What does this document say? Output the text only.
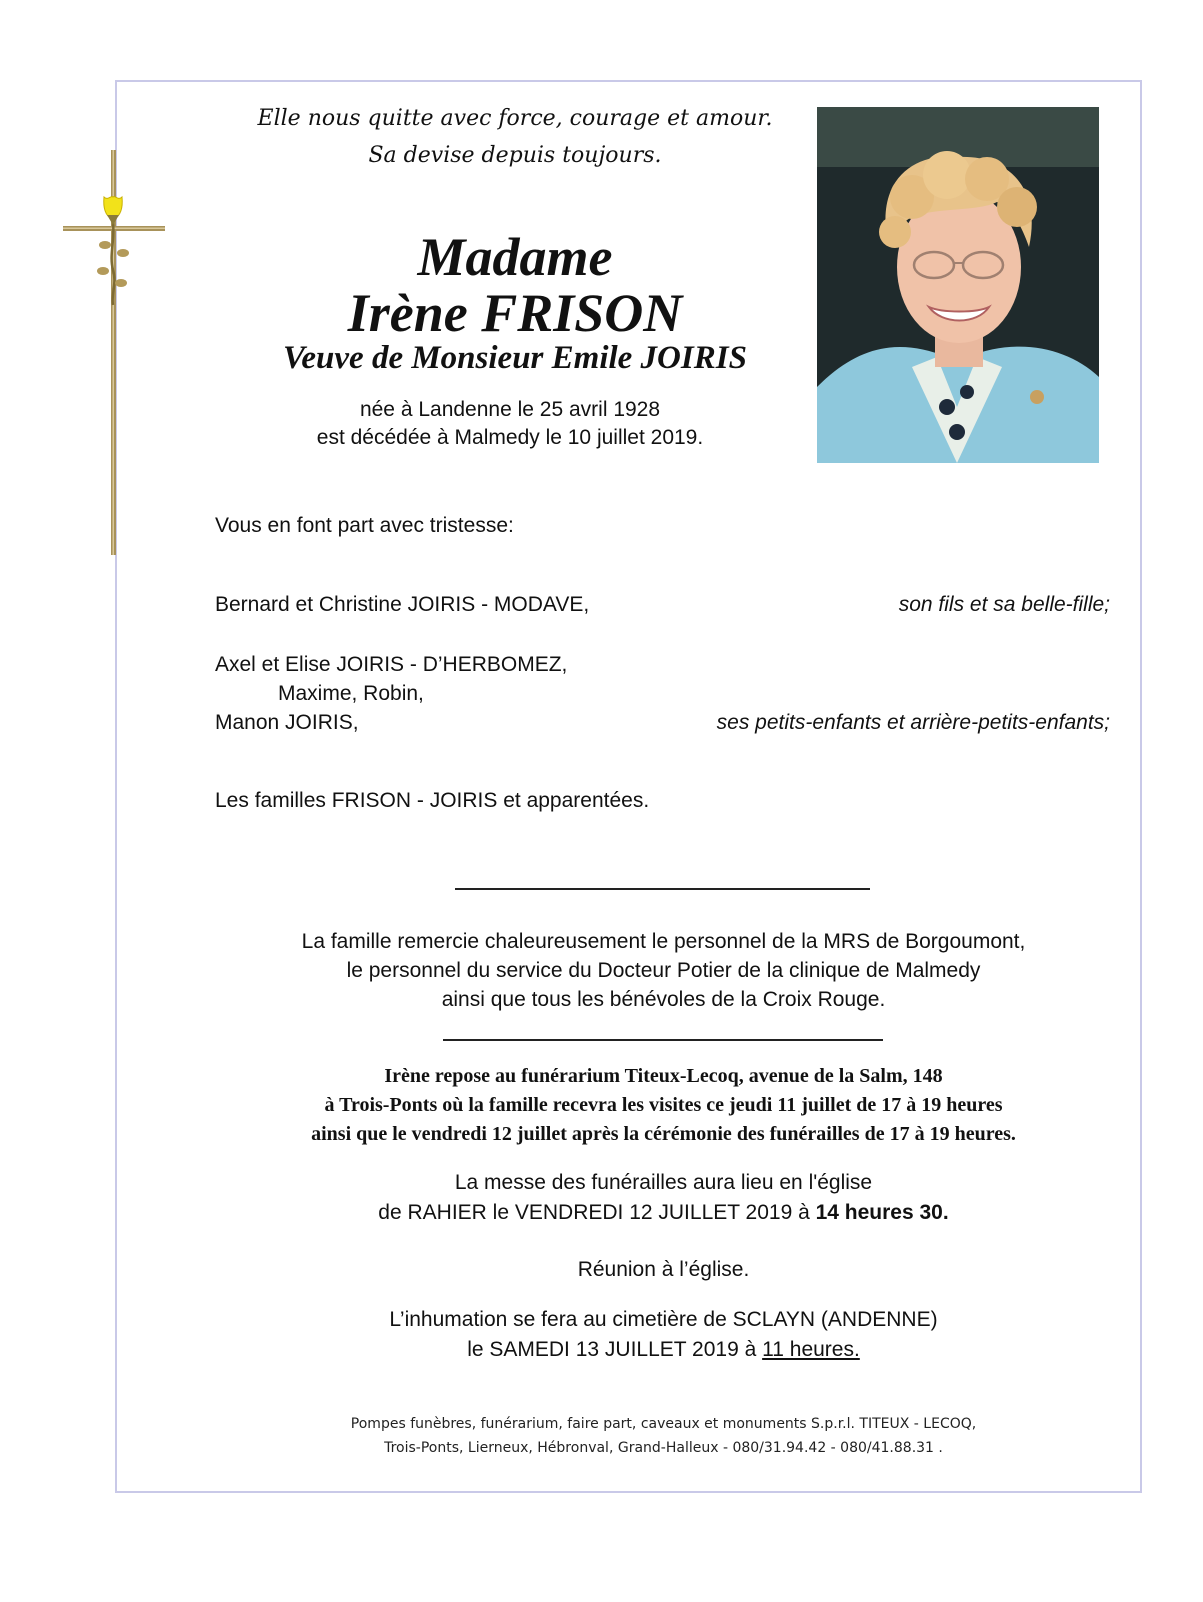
Elle nous quitte avec force, courage et amour.
Sa devise depuis toujours.
Madame
Irène FRISON
Veuve de Monsieur Emile JOIRIS
née à Landenne le 25 avril 1928
est décédée à Malmedy le 10 juillet 2019.
Vous en font part avec tristesse:
Bernard et Christine JOIRIS - MODAVE,	son fils et sa belle-fille;
Axel et Elise JOIRIS - D’HERBOMEZ,
Maxime, Robin,
Manon JOIRIS,	ses petits-enfants et arrière-petits-enfants;
Les familles FRISON - JOIRIS et apparentées.
La famille remercie chaleureusement le personnel de la MRS de Borgoumont,
le personnel du service du Docteur Potier de la clinique de Malmedy
ainsi que tous les bénévoles de la Croix Rouge.
Irène repose au funérarium Titeux-Lecoq, avenue de la Salm, 148
à Trois-Ponts où la famille recevra les visites ce jeudi 11 juillet de 17 à 19 heures
ainsi que le vendredi 12 juillet après la cérémonie des funérailles de 17 à 19 heures.
La messe des funérailles aura lieu en l'église
de RAHIER le VENDREDI 12 JUILLET 2019 à 14 heures 30.
Réunion à l’église.
L’inhumation se fera au cimetière de SCLAYN (ANDENNE)
le SAMEDI 13 JUILLET 2019 à 11 heures.
Pompes funèbres, funérarium, faire part, caveaux et monuments S.p.r.l. TITEUX - LECOQ,
Trois-Ponts, Lierneux, Hébronval, Grand-Halleux - 080/31.94.42 - 080/41.88.31 .
